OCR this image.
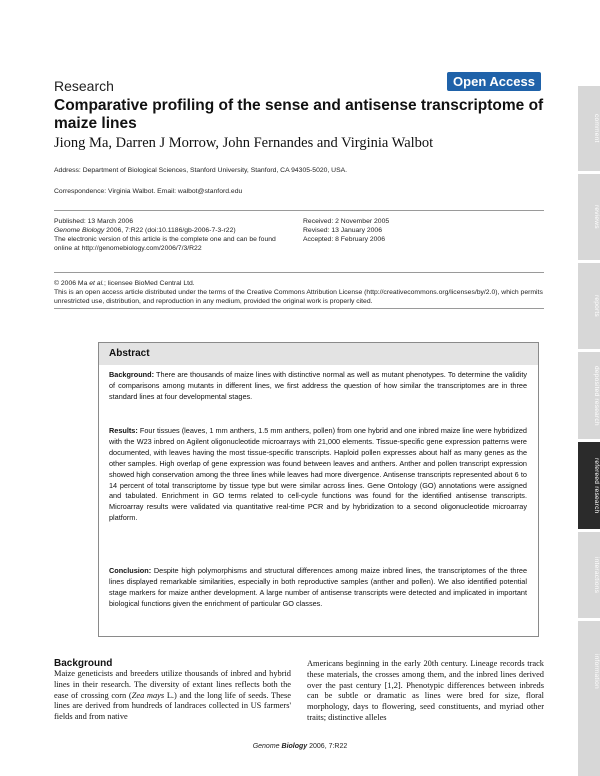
Research	Open Access
Comparative profiling of the sense and antisense transcriptome of maize lines
Jiong Ma, Darren J Morrow, John Fernandes and Virginia Walbot
Address: Department of Biological Sciences, Stanford University, Stanford, CA 94305-5020, USA.
Correspondence: Virginia Walbot. Email: walbot@stanford.edu
Published: 13 March 2006
Genome Biology 2006, 7:R22 (doi:10.1186/gb-2006-7-3-r22)
The electronic version of this article is the complete one and can be found online at http://genomebiology.com/2006/7/3/R22
Received: 2 November 2005
Revised: 13 January 2006
Accepted: 8 February 2006
© 2006 Ma et al.; licensee BioMed Central Ltd.
This is an open access article distributed under the terms of the Creative Commons Attribution License (http://creativecommons.org/licenses/by/2.0), which permits unrestricted use, distribution, and reproduction in any medium, provided the original work is properly cited.
Abstract
Background: There are thousands of maize lines with distinctive normal as well as mutant phenotypes. To determine the validity of comparisons among mutants in different lines, we first address the question of how similar the transcriptomes are in three standard lines at four developmental stages.
Results: Four tissues (leaves, 1 mm anthers, 1.5 mm anthers, pollen) from one hybrid and one inbred maize line were hybridized with the W23 inbred on Agilent oligonucleotide microarrays with 21,000 elements. Tissue-specific gene expression patterns were documented, with leaves having the most tissue-specific transcripts. Haploid pollen expresses about half as many genes as the other samples. High overlap of gene expression was found between leaves and anthers. Anther and pollen transcript expression showed high conservation among the three lines while leaves had more divergence. Antisense transcripts represented about 6 to 14 percent of total transcriptome by tissue type but were similar across lines. Gene Ontology (GO) annotations were assigned and tabulated. Enrichment in GO terms related to cell-cycle functions was found for the identified antisense transcripts. Microarray results were validated via quantitative real-time PCR and by hybridization to a second oligonucleotide microarray platform.
Conclusion: Despite high polymorphisms and structural differences among maize inbred lines, the transcriptomes of the three lines displayed remarkable similarities, especially in both reproductive samples (anther and pollen). We also identified potential stage markers for maize anther development. A large number of antisense transcripts were detected and implicated in important biological functions given the enrichment of particular GO classes.
Background
Maize geneticists and breeders utilize thousands of inbred and hybrid lines in their research. The diversity of extant lines reflects both the ease of crossing corn (Zea mays L.) and the long life of seeds. These lines are derived from hundreds of landraces collected in US farmers' fields and from native
Americans beginning in the early 20th century. Lineage records track these materials, the crosses among them, and the inbred lines derived over the past century [1,2]. Phenotypic differences between inbreds can be subtle or dramatic as lines were bred for size, floral morphology, days to flowering, seed constituents, and myriad other traits; distinctive alleles
Genome Biology 2006, 7:R22
comment
reviews
reports
deposited research
refereed research
interactions
information
